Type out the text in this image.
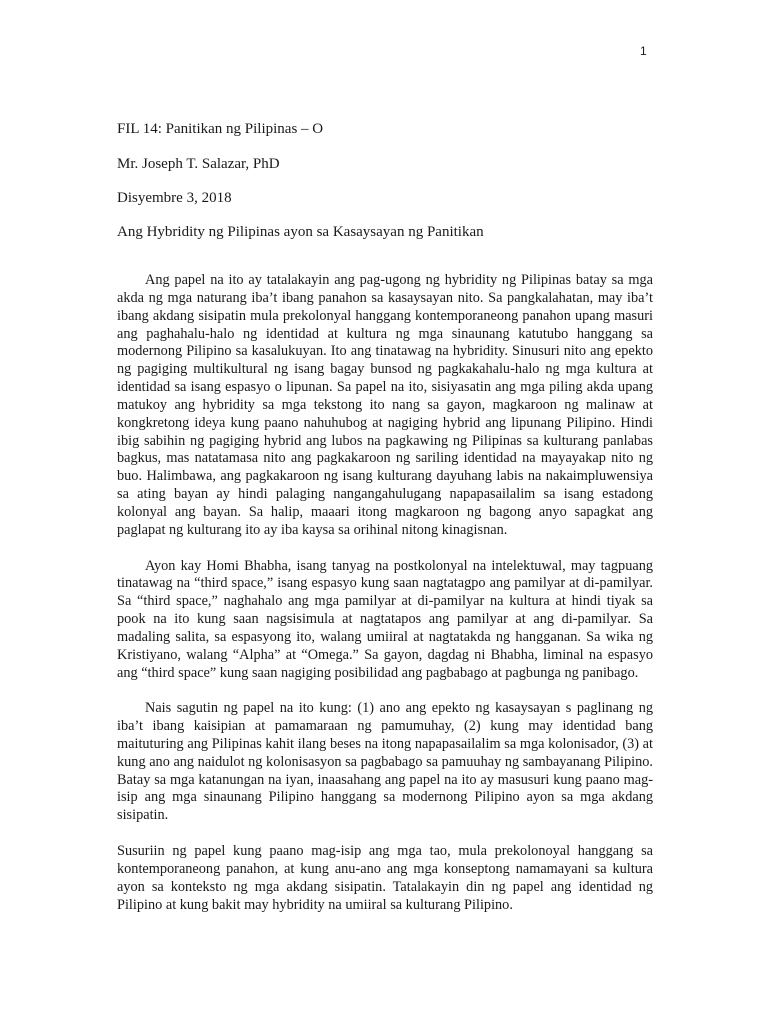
1
FIL 14: Panitikan ng Pilipinas – O
Mr. Joseph T. Salazar, PhD
Disyembre 3, 2018
Ang Hybridity ng Pilipinas ayon sa Kasaysayan ng Panitikan

Ang papel na ito ay tatalakayin ang pag-ugong ng hybridity ng Pilipinas batay sa mga akda ng mga naturang iba’t ibang panahon sa kasaysayan nito. Sa pangkalahatan, may iba’t ibang akdang sisipatin mula prekolonyal hanggang kontemporaneong panahon upang masuri ang paghahalu-halo ng identidad at kultura ng mga sinaunang katutubo hanggang sa modernong Pilipino sa kasalukuyan. Ito ang tinatawag na hybridity. Sinusuri nito ang epekto ng pagiging multikultural ng isang bagay bunsod ng pagkakahalu-halo ng mga kultura at identidad sa isang espasyo o lipunan. Sa papel na ito, sisiyasatin ang mga piling akda upang matukoy ang hybridity sa mga tekstong ito nang sa gayon, magkaroon ng malinaw at kongkretong ideya kung paano nahuhubog at nagiging hybrid ang lipunang Pilipino. Hindi ibig sabihin ng pagiging hybrid ang lubos na pagkawing ng Pilipinas sa kulturang panlabas bagkus, mas natatamasa nito ang pagkakaroon ng sariling identidad na mayayakap nito ng buo. Halimbawa, ang pagkakaroon ng isang kulturang dayuhang labis na nakaimpluwensiya sa ating bayan ay hindi palaging nangangahulugang napapasailalim sa isang estadong kolonyal ang bayan. Sa halip, maaari itong magkaroon ng bagong anyo sapagkat ang paglapat ng kulturang ito ay iba kaysa sa orihinal nitong kinagisnan.

Ayon kay Homi Bhabha, isang tanyag na postkolonyal na intelektuwal, may tagpuang tinatawag na “third space,” isang espasyo kung saan nagtatagpo ang pamilyar at di-pamilyar. Sa “third space,” naghahalo ang mga pamilyar at di-pamilyar na kultura at hindi tiyak sa pook na ito kung saan nagsisimula at nagtatapos ang pamilyar at ang di-pamilyar. Sa madaling salita, sa espasyong ito, walang umiiral at nagtatakda ng hangganan. Sa wika ng Kristiyano, walang “Alpha” at “Omega.” Sa gayon, dagdag ni Bhabha, liminal na espasyo ang “third space” kung saan nagiging posibilidad ang pagbabago at pagbunga ng panibago.

Nais sagutin ng papel na ito kung: (1) ano ang epekto ng kasaysayan s paglinang ng iba’t ibang kaisipian at pamamaraan ng pamumuhay, (2) kung may identidad bang maituturing ang Pilipinas kahit ilang beses na itong napapasailalim sa mga kolonisador, (3) at kung ano ang naidulot ng kolonisasyon sa pagbabago sa pamuuhay ng sambayanang Pilipino. Batay sa mga katanungan na iyan, inaasahang ang papel na ito ay masusuri kung paano mag-isip ang mga sinaunang Pilipino hanggang sa modernong Pilipino ayon sa mga akdang sisipatin.

Susuriin ng papel kung paano mag-isip ang mga tao, mula prekolonoyal hanggang sa kontemporaneong panahon, at kung anu-ano ang mga konseptong namamayani sa kultura ayon sa konteksto ng mga akdang sisipatin. Tatalakayin din ng papel ang identidad ng Pilipino at kung bakit may hybridity na umiiral sa kulturang Pilipino.
